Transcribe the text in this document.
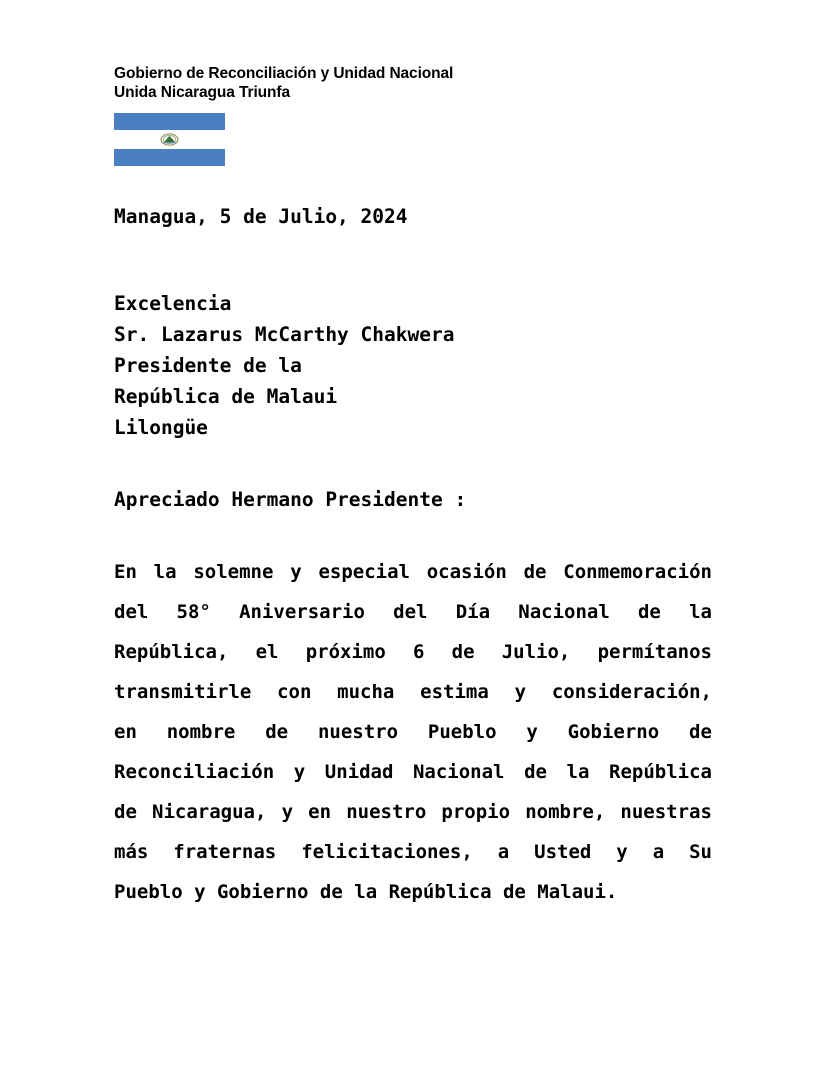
Gobierno de Reconciliación y Unidad Nacional
Unida Nicaragua Triunfa
Managua, 5 de Julio, 2024
Excelencia
Sr. Lazarus McCarthy Chakwera
Presidente de la
República de Malaui
Lilongüe
Apreciado Hermano Presidente :
En la solemne y especial ocasión de Conmemoración
del 58° Aniversario del Día Nacional de la
República, el próximo 6 de Julio, permítanos
transmitirle con mucha estima y consideración,
en nombre de nuestro Pueblo y Gobierno de
Reconciliación y Unidad Nacional de la República
de Nicaragua, y en nuestro propio nombre, nuestras
más fraternas felicitaciones, a Usted y a Su
Pueblo y Gobierno de la República de Malaui.
